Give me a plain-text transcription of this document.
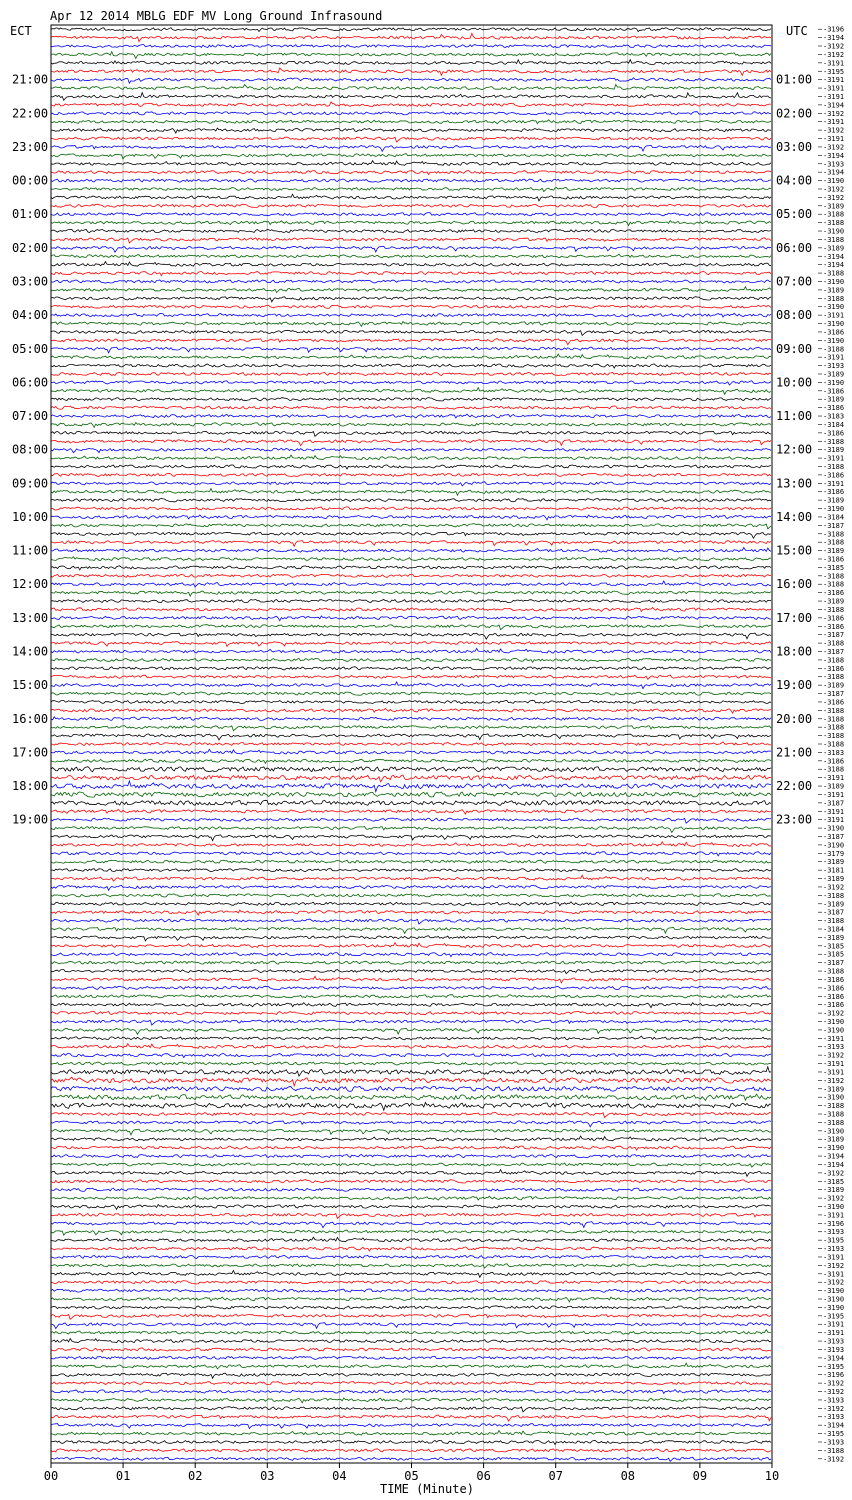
Apr 12 2014 MBLG EDF MV Long Ground Infrasound
ECT	UTC
TIME (Minute)
-3196
-3194
-3192
-3192
-3191
-3195
-3191
-3191
-3191
-3194
-3192
-3191
-3192
-3191
-3192
-3194
-3193
-3194
-3190
-3192
-3192
-3189
-3188
-3188
-3190
-3188
-3189
-3194
-3194
-3188
-3190
-3189
-3188
-3190
-3191
-3190
-3186
-3190
-3188
-3191
-3193
-3189
-3190
-3186
-3189
-3186
-3183
-3184
-3186
-3188
-3189
-3191
-3188
-3186
-3191
-3186
-3189
-3190
-3184
-3187
-3188
-3188
-3189
-3186
-3185
-3188
-3188
-3186
-3189
-3188
-3186
-3186
-3187
-3188
-3187
-3188
-3186
-3188
-3189
-3187
-3186
-3188
-3188
-3188
-3188
-3188
-3183
-3186
-3188
-3191
-3189
-3191
-3187
-3191
-3191
-3190
-3187
-3190
-3179
-3189
-3181
-3189
-3192
-3188
-3189
-3187
-3188
-3184
-3189
-3185
-3185
-3187
-3188
-3186
-3186
-3186
-3186
-3192
-3190
-3190
-3191
-3193
-3192
-3191
-3191
-3192
-3189
-3190
-3188
-3188
-3188
-3190
-3189
-3190
-3194
-3194
-3192
-3185
-3189
-3192
-3190
-3191
-3196
-3193
-3195
-3193
-3191
-3192
-3191
-3192
-3190
-3190
-3190
-3195
-3191
-3191
-3193
-3193
-3194
-3195
-3196
-3192
-3192
-3193
-3192
-3193
-3194
-3195
-3193
-3188
-3192
21:00
22:00
23:00
00:00
01:00
02:00
03:00
04:00
05:00
06:00
07:00
08:00
09:00
10:00
11:00
12:00
13:00
14:00
15:00
16:00
17:00
18:00
19:00
01:00
02:00
03:00
04:00
05:00
06:00
07:00
08:00
09:00
10:00
11:00
12:00
13:00
14:00
15:00
16:00
17:00
18:00
19:00
20:00
21:00
22:00
23:00
00	01	02	03	04	05	06	07	08	09	10
